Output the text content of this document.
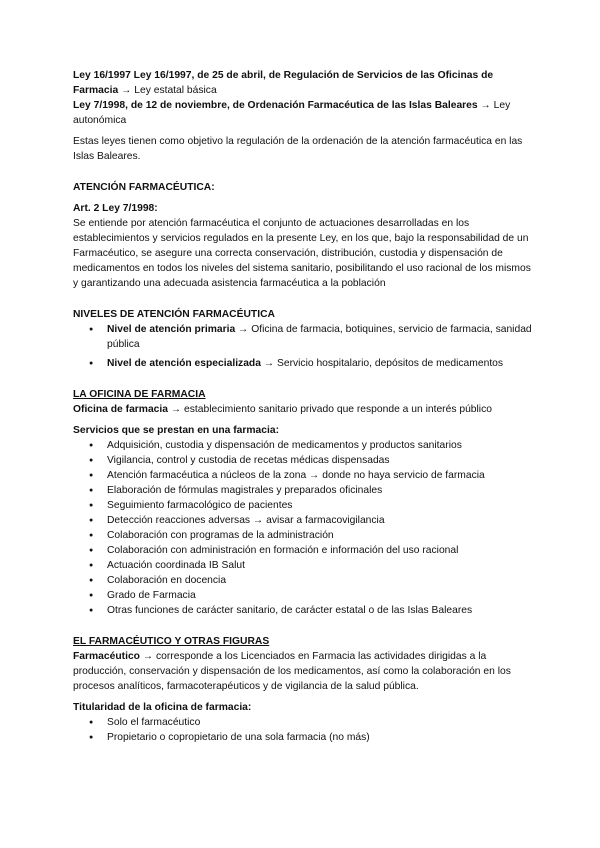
Ley 16/1997 Ley 16/1997, de 25 de abril, de Regulación de Servicios de las Oficinas de Farmacia → Ley estatal básica

Ley 7/1998, de 12 de noviembre, de Ordenación Farmacéutica de las Islas Baleares → Ley autonómica

Estas leyes tienen como objetivo la regulación de la ordenación de la atención farmacéutica en las Islas Baleares.

ATENCIÓN FARMACÉUTICA:

Art. 2 Ley 7/1998:

Se entiende por atención farmacéutica el conjunto de actuaciones desarrolladas en los establecimientos y servicios regulados en la presente Ley, en los que, bajo la responsabilidad de un Farmacéutico, se asegure una correcta conservación, distribución, custodia y dispensación de medicamentos en todos los niveles del sistema sanitario, posibilitando el uso racional de los mismos y garantizando una adecuada asistencia farmacéutica a la población

NIVELES DE ATENCIÓN FARMACÉUTICA

● Nivel de atención primaria → Oficina de farmacia, botiquines, servicio de farmacia, sanidad pública
● Nivel de atención especializada → Servicio hospitalario, depósitos de medicamentos

LA OFICINA DE FARMACIA

Oficina de farmacia → establecimiento sanitario privado que responde a un interés público

Servicios que se prestan en una farmacia:

● Adquisición, custodia y dispensación de medicamentos y productos sanitarios
● Vigilancia, control y custodia de recetas médicas dispensadas
● Atención farmacéutica a núcleos de la zona → donde no haya servicio de farmacia
● Elaboración de fórmulas magistrales y preparados oficinales
● Seguimiento farmacológico de pacientes
● Detección reacciones adversas → avisar a farmacovigilancia
● Colaboración con programas de la administración
● Colaboración con administración en formación e información del uso racional
● Actuación coordinada IB Salut
● Colaboración en docencia
● Grado de Farmacia
● Otras funciones de carácter sanitario, de carácter estatal o de las Islas Baleares

EL FARMACÉUTICO Y OTRAS FIGURAS

Farmacéutico → corresponde a los Licenciados en Farmacia las actividades dirigidas a la producción, conservación y dispensación de los medicamentos, así como la colaboración en los procesos analíticos, farmacoterapéuticos y de vigilancia de la salud pública.

Titularidad de la oficina de farmacia:

● Solo el farmacéutico
● Propietario o copropietario de una sola farmacia (no más)
